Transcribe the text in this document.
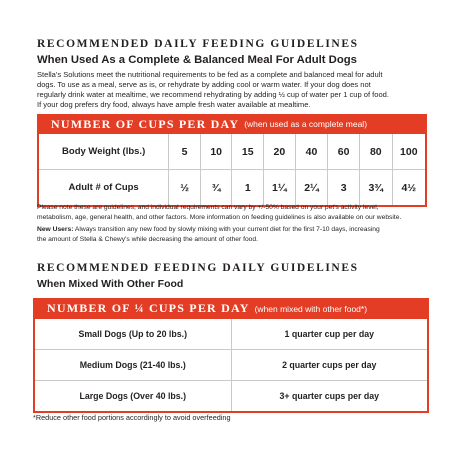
RECOMMENDED DAILY FEEDING GUIDELINES
When Used As a Complete & Balanced Meal For Adult Dogs
Stella's Solutions meet the nutritional requirements to be fed as a complete and balanced meal for adult
dogs. To use as a meal, serve as is, or rehydrate by adding cool or warm water. If your dog does not
regularly drink water at mealtime, we recommend rehydrating by adding ½ cup of water per 1 cup of food.
If your dog prefers dry food, always have ample fresh water available at mealtime.
NUMBER OF CUPS PER DAY (when used as a complete meal)
Body Weight (lbs.)	5	10	15	20	40	60	80	100
Adult # of Cups	½	¾	1	1¼	2¼	3	3¾	4½
Please note these are guidelines, and individual requirements can vary by +/-50% based on your pet's activity level,
metabolism, age, general health, and other factors. More information on feeding guidelines is also available on our website.
New Users: Always transition any new food by slowly mixing with your current diet for the first 7-10 days, increasing
the amount of Stella & Chewy's while decreasing the amount of other food.
RECOMMENDED FEEDING DAILY GUIDELINES
When Mixed With Other Food
NUMBER OF ¼ CUPS PER DAY (when mixed with other food*)
Small Dogs (Up to 20 lbs.)	1 quarter cup per day
Medium Dogs (21-40 lbs.)	2 quarter cups per day
Large Dogs (Over 40 lbs.)	3+ quarter cups per day
*Reduce other food portions accordingly to avoid overfeeding
